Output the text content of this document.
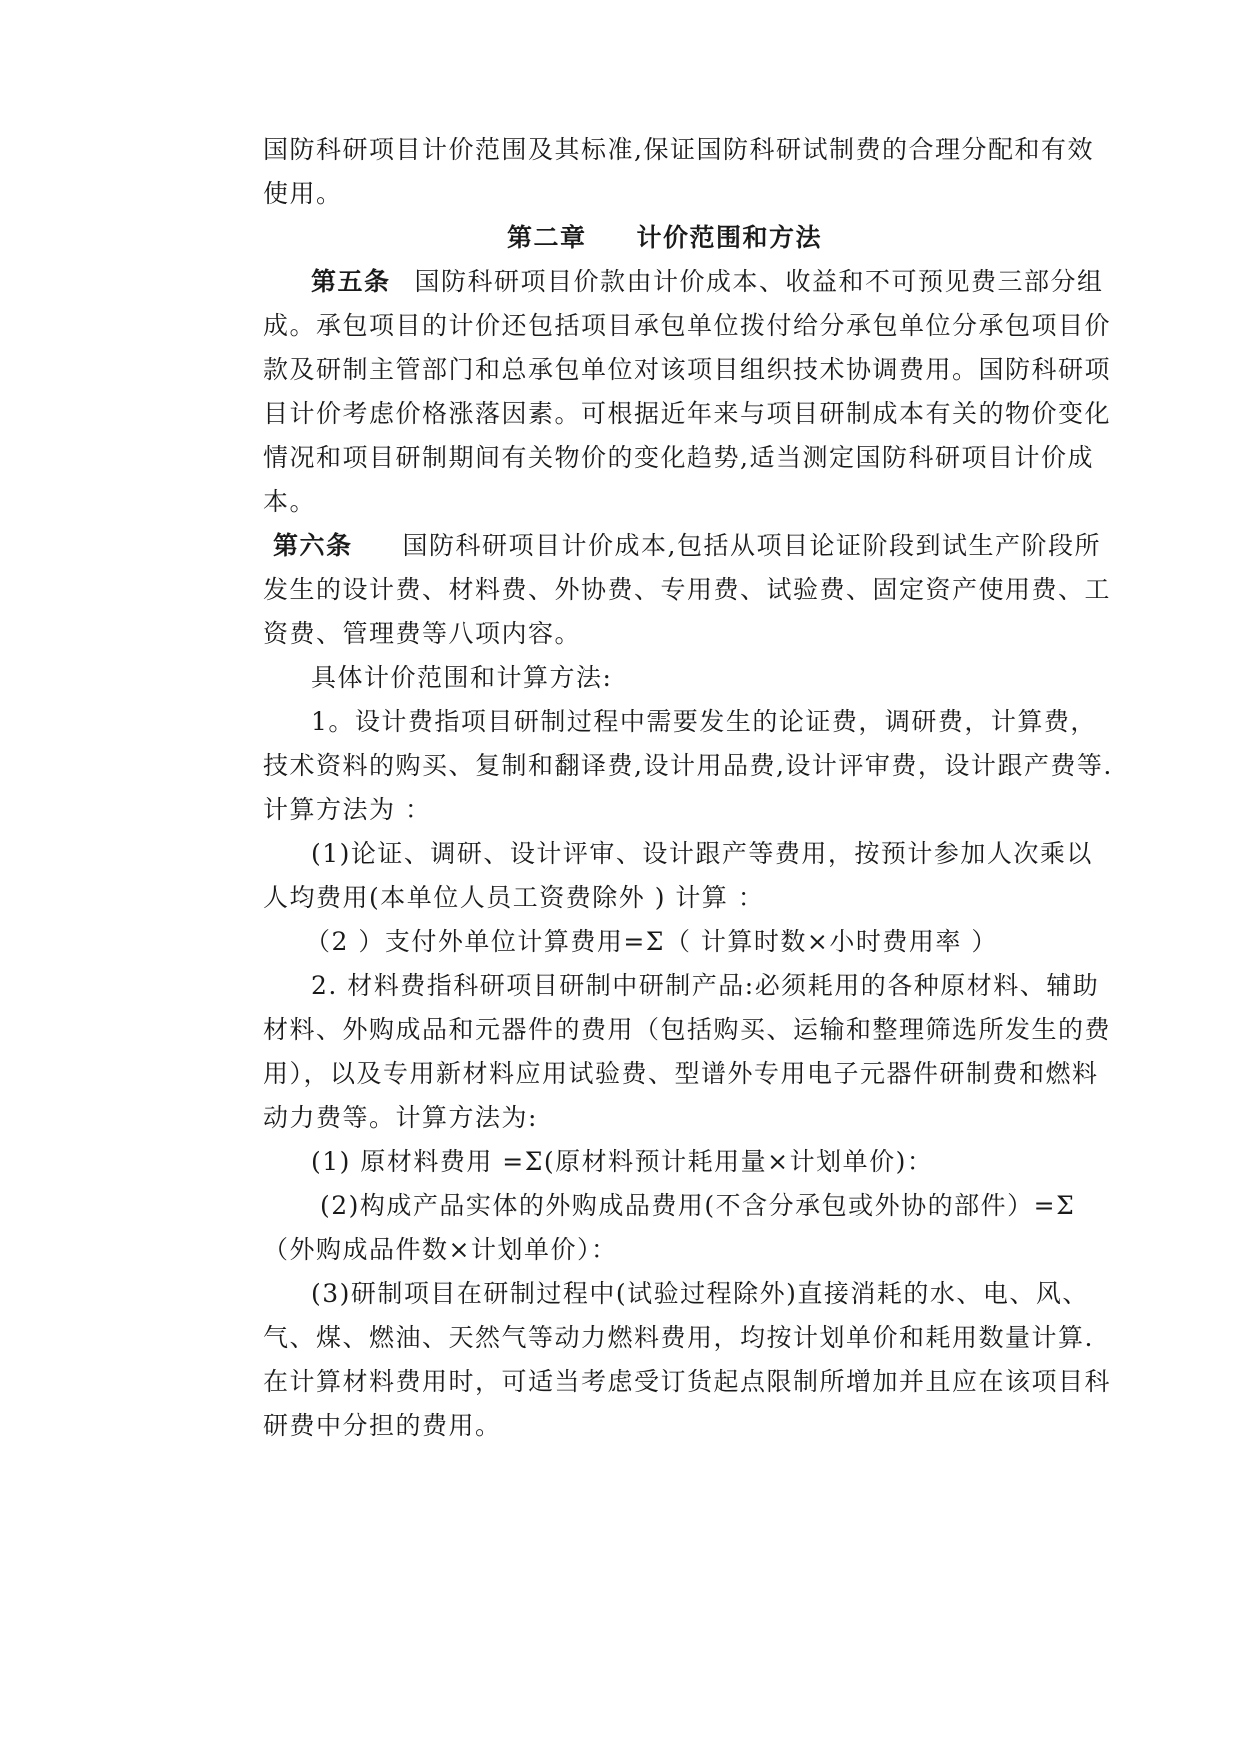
国防科研项目计价范围及其标准,保证国防科研试制费的合理分配和有效
使用。
第二章 计价范围和方法
第五条 国防科研项目价款由计价成本、收益和不可预见费三部分组
成。承包项目的计价还包括项目承包单位拨付给分承包单位分承包项目价
款及研制主管部门和总承包单位对该项目组织技术协调费用。国防科研项
目计价考虑价格涨落因素。可根据近年来与项目研制成本有关的物价变化
情况和项目研制期间有关物价的变化趋势,适当测定国防科研项目计价成
本。
第六条 国防科研项目计价成本,包括从项目论证阶段到试生产阶段所
发生的设计费、材料费、外协费、专用费、试验费、固定资产使用费、工
资费、管理费等八项内容。
具体计价范围和计算方法:
1。设计费指项目研制过程中需要发生的论证费，调研费，计算费，
技术资料的购买、复制和翻译费,设计用品费,设计评审费，设计跟产费等.
计算方法为 ：
(1)论证、调研、设计评审、设计跟产等费用，按预计参加人次乘以
人均费用(本单位人员工资费除外 ) 计算 ：
（2 ）支付外单位计算费用=Σ（ 计算时数×小时费用率 ）
2. 材料费指科研项目研制中研制产品:必须耗用的各种原材料、辅助
材料、外购成品和元器件的费用（包括购买、运输和整理筛选所发生的费
用），以及专用新材料应用试验费、型谱外专用电子元器件研制费和燃料
动力费等。计算方法为:
(1) 原材料费用 =Σ(原材料预计耗用量×计划单价)：
(2)构成产品实体的外购成品费用(不含分承包或外协的部件）=Σ
（外购成品件数×计划单价）：
(3)研制项目在研制过程中(试验过程除外)直接消耗的水、电、风、
气、煤、燃油、天然气等动力燃料费用，均按计划单价和耗用数量计算.
在计算材料费用时，可适当考虑受订货起点限制所增加并且应在该项目科
研费中分担的费用。
